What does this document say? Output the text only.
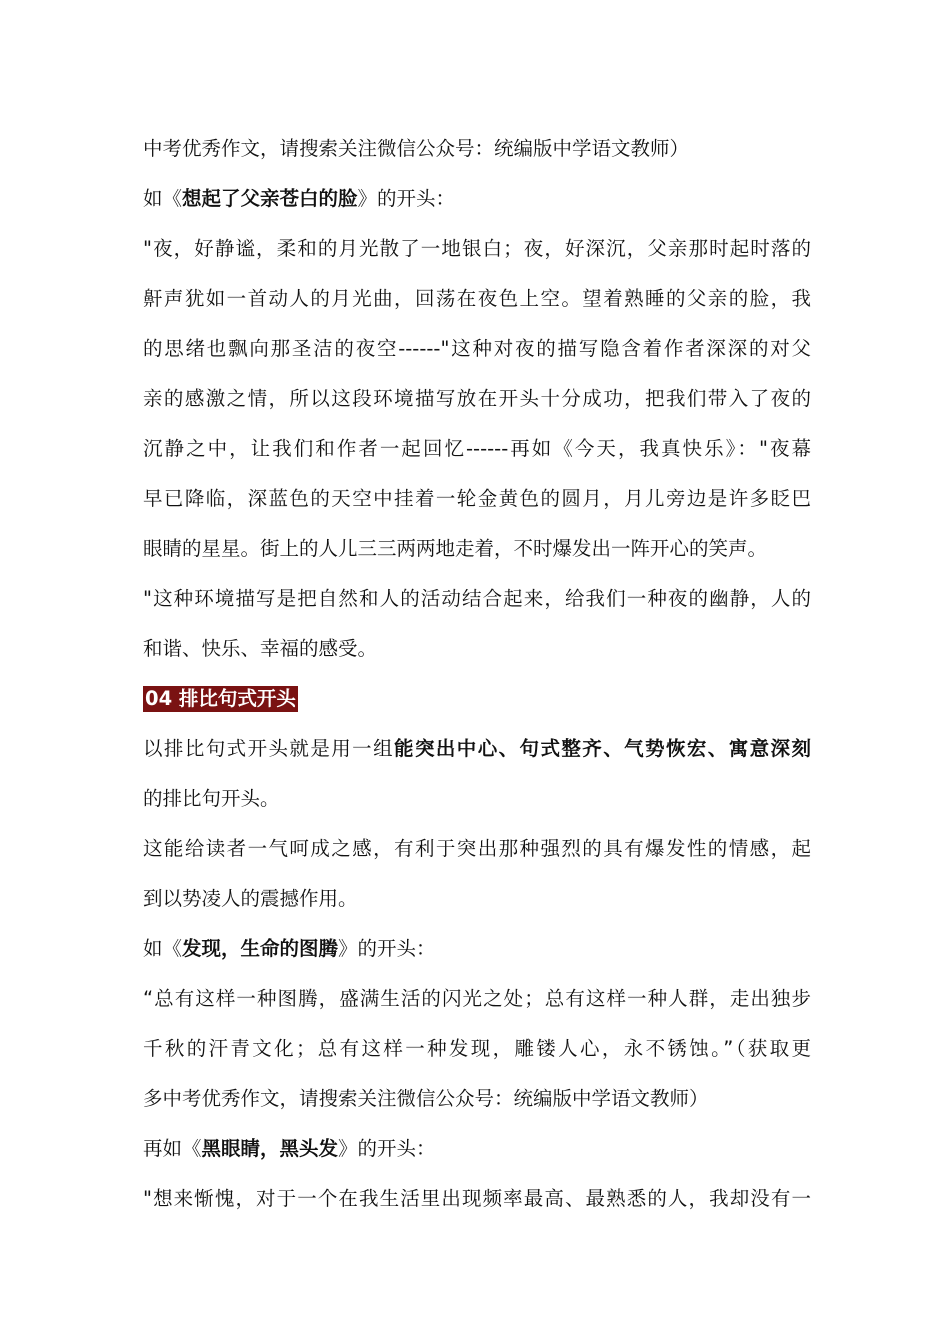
中考优秀作文，请搜索关注微信公众号：统编版中学语文教师）
如《想起了父亲苍白的脸》的开头：
"夜，好静谧，柔和的月光散了一地银白；夜，好深沉，父亲那时起时落的
鼾声犹如一首动人的月光曲，回荡在夜色上空。望着熟睡的父亲的脸，我
的思绪也飘向那圣洁的夜空------"这种对夜的描写隐含着作者深深的对父
亲的感激之情，所以这段环境描写放在开头十分成功，把我们带入了夜的
沉静之中，让我们和作者一起回忆------再如《今天，我真快乐》："夜幕
早已降临，深蓝色的天空中挂着一轮金黄色的圆月，月儿旁边是许多眨巴
眼睛的星星。街上的人儿三三两两地走着，不时爆发出一阵开心的笑声。
"这种环境描写是把自然和人的活动结合起来，给我们一种夜的幽静，人的
和谐、快乐、幸福的感受。
04 排比句式开头
以排比句式开头就是用一组能突出中心、句式整齐、气势恢宏、寓意深刻
的排比句开头。
这能给读者一气呵成之感，有利于突出那种强烈的具有爆发性的情感，起
到以势凌人的震撼作用。
如《发现，生命的图腾》的开头：
“总有这样一种图腾，盛满生活的闪光之处；总有这样一种人群，走出独步
千秋的汗青文化；总有这样一种发现，雕镂人心，永不锈蚀。”（获取更
多中考优秀作文，请搜索关注微信公众号：统编版中学语文教师）
再如《黑眼睛，黑头发》的开头：
"想来惭愧，对于一个在我生活里出现频率最高、最熟悉的人，我却没有一
